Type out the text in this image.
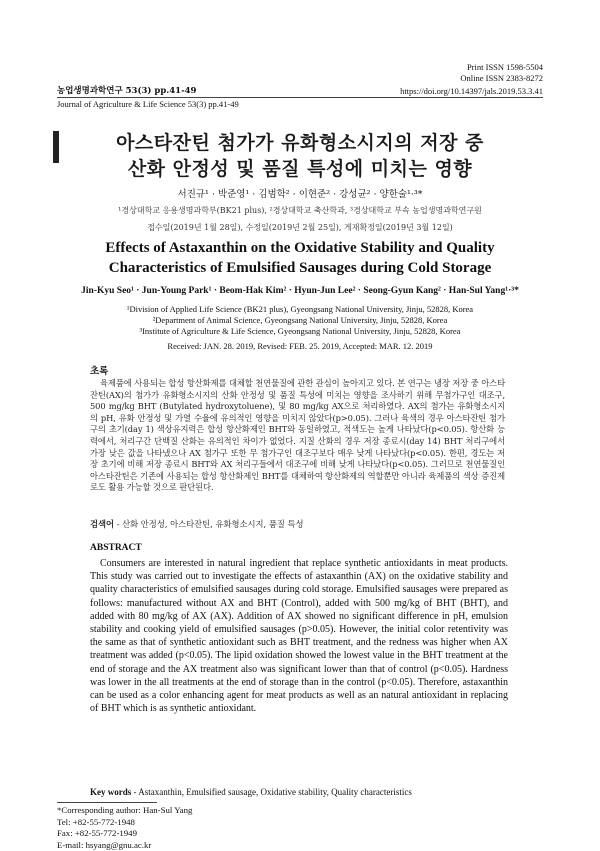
Print ISSN 1598-5504
Online ISSN 2383-8272
농업생명과학연구 53(3) pp.41-49	https://doi.org/10.14397/jals.2019.53.3.41
Journal of Agriculture & Life Science 53(3) pp.41-49
아스타잔틴 첨가가 유화형소시지의 저장 중
산화 안정성 및 품질 특성에 미치는 영향
서진규¹ · 박준영¹ · 김범학² · 이현준² · 강성균² · 양한술¹·³*
¹경상대학교 응용생명과학부(BK21 plus), ²경상대학교 축산학과, ³경상대학교 부속 농업생명과학연구원
접수일(2019년 1월 28일), 수정일(2019년 2월 25일), 게재확정일(2019년 3월 12일)
Effects of Astaxanthin on the Oxidative Stability and Quality
Characteristics of Emulsified Sausages during Cold Storage
Jin-Kyu Seo¹ · Jun-Young Park¹ · Beom-Hak Kim² · Hyun-Jun Lee² · Seong-Gyun Kang² · Han-Sul Yang¹·³*
¹Division of Applied Life Science (BK21 plus), Gyeongsang National University, Jinju, 52828, Korea
²Department of Animal Science, Gyeongsang National University, Jinju, 52828, Korea
³Institute of Agriculture & Life Science, Gyeongsang National University, Jinju, 52828, Korea
Received: JAN. 28. 2019, Revised: FEB. 25. 2019, Accepted: MAR. 12. 2019
초록
육제품에 사용되는 합성 항산화제를 대체할 천연물질에 관한 관심이 높아지고 있다. 본 연구는 냉장 저장 중 아스타잔틴(AX)의 첨가가 유화형소시지의 산화 안정성 및 품질 특성에 미치는 영향을 조사하기 위해 무첨가구인 대조구, 500 mg/kg BHT (Butylated hydroxytoluene), 및 80 mg/kg AX으로 처리하였다. AX의 첨가는 유화형소시지의 pH, 유화 안정성 및 가열 수율에 유의적인 영향을 미치지 않았다(p>0.05). 그러나 육색의 경우 아스타잔틴 첨가구의 초기(day 1) 색상유지력은 합성 항산화제인 BHT와 동일하였고, 적색도는 높게 나타났다(p<0.05). 항산화 능력에서, 처리구간 단백질 산화는 유의적인 차이가 없었다. 지질 산화의 경우 저장 종료시(day 14) BHT 처리구에서 가장 낮은 값을 나타냈으나 AX 첨가구 또한 무 첨가구인 대조구보다 매우 낮게 나타났다(p<0.05). 한편, 경도는 저장 초기에 비해 저장 종료시 BHT와 AX 처리구들에서 대조구에 비해 낮게 나타났다(p<0.05). 그러므로 천연물질인 아스타잔틴은 기존에 사용되는 합성 항산화제인 BHT를 대체하여 항산화제의 역할뿐만 아니라 육제품의 색상 증진제로도 활용 가능할 것으로 판단된다.
검색어 - 산화 안정성, 아스타잔틴, 유화형소시지, 품질 특성
ABSTRACT
Consumers are interested in natural ingredient that replace synthetic antioxidants in meat products. This study was carried out to investigate the effects of astaxanthin (AX) on the oxidative stability and quality characteristics of emulsified sausages during cold storage. Emulsified sausages were prepared as follows: manufactured without AX and BHT (Control), added with 500 mg/kg of BHT (BHT), and added with 80 mg/kg of AX (AX). Addition of AX showed no significant difference in pH, emulsion stability and cooking yield of emulsified sausages (p>0.05). However, the initial color retentivity was the same as that of synthetic antioxidant such as BHT treatment, and the redness was higher when AX treatment was added (p<0.05). The lipid oxidation showed the lowest value in the BHT treatment at the end of storage and the AX treatment also was significant lower than that of control (p<0.05). Hardness was lower in the all treatments at the end of storage than in the control (p<0.05). Therefore, astaxanthin can be used as a color enhancing agent for meat products as well as an natural antioxidant in replacing of BHT which is as synthetic antioxidant.
Key words - Astaxanthin, Emulsified sausage, Oxidative stability, Quality characteristics
*Corresponding author: Han-Sul Yang
Tel: +82-55-772-1948
Fax: +82-55-772-1949
E-mail: hsyang@gnu.ac.kr
